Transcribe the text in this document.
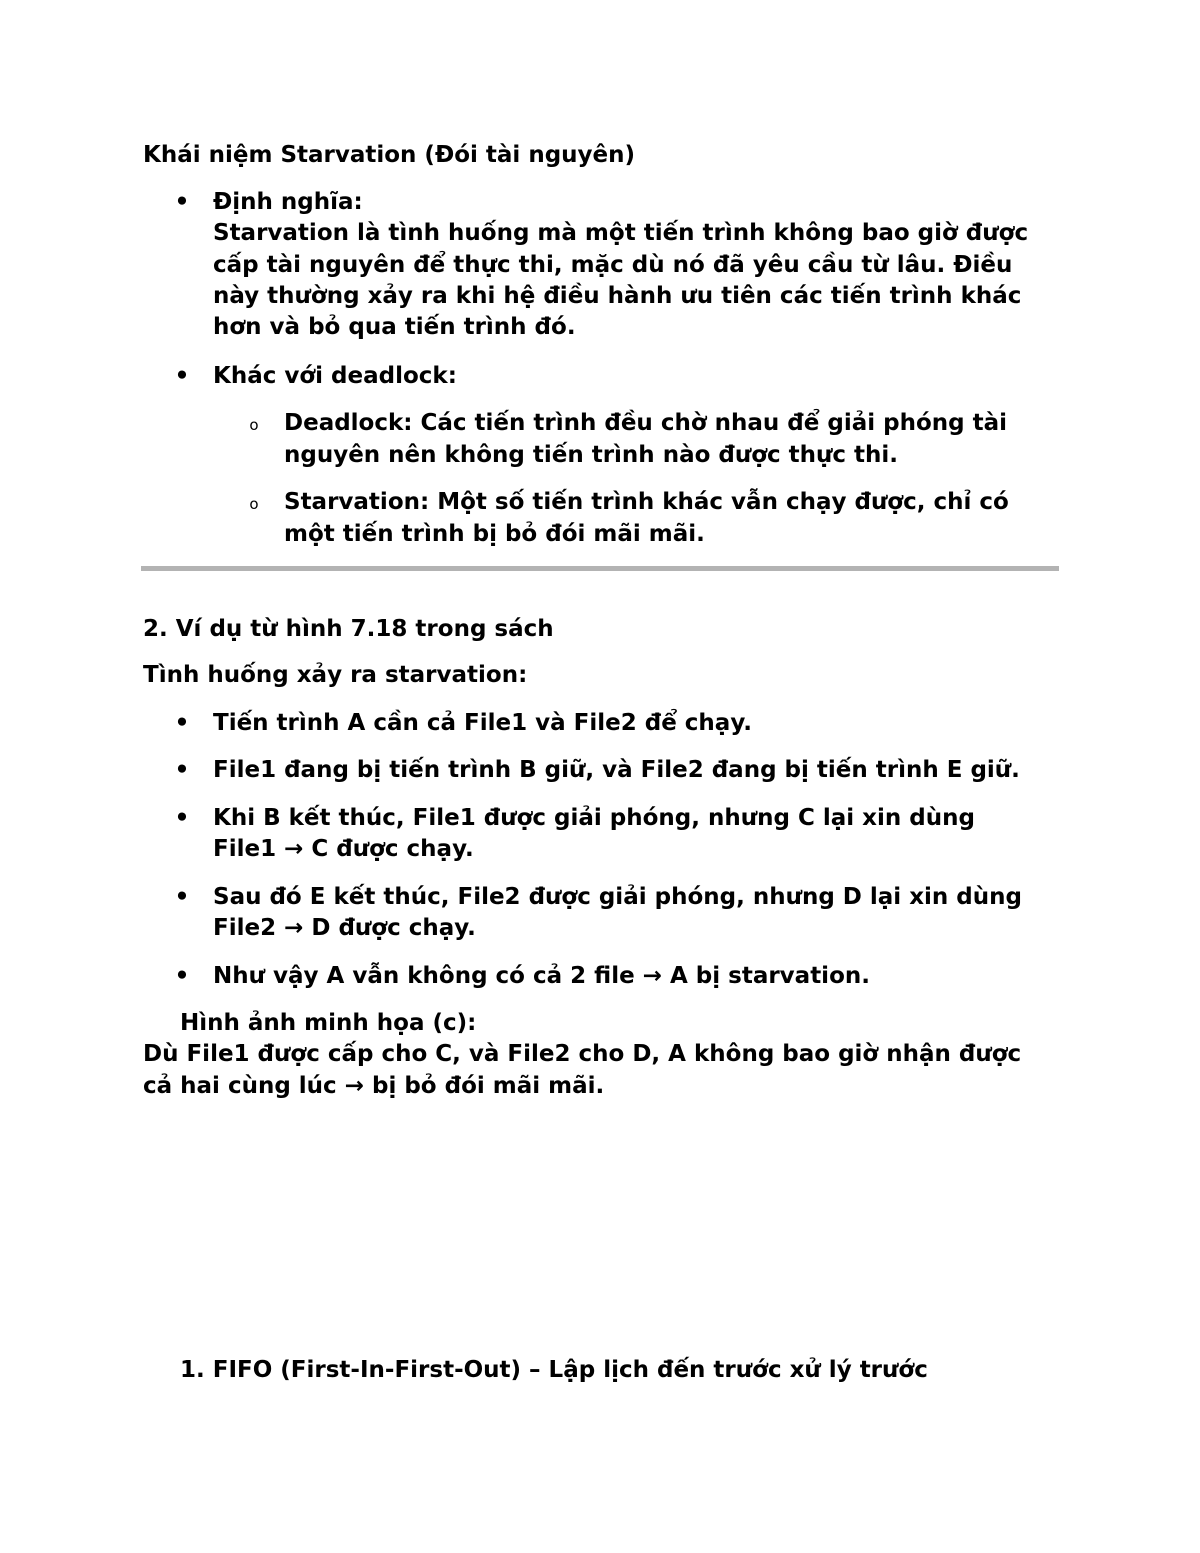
Khái niệm Starvation (Đói tài nguyên)
• Định nghĩa:
Starvation là tình huống mà một tiến trình không bao giờ được
cấp tài nguyên để thực thi, mặc dù nó đã yêu cầu từ lâu. Điều
này thường xảy ra khi hệ điều hành ưu tiên các tiến trình khác
hơn và bỏ qua tiến trình đó.
• Khác với deadlock:
o Deadlock: Các tiến trình đều chờ nhau để giải phóng tài
nguyên nên không tiến trình nào được thực thi.
o Starvation: Một số tiến trình khác vẫn chạy được, chỉ có
một tiến trình bị bỏ đói mãi mãi.
2. Ví dụ từ hình 7.18 trong sách
Tình huống xảy ra starvation:
• Tiến trình A cần cả File1 và File2 để chạy.
• File1 đang bị tiến trình B giữ, và File2 đang bị tiến trình E giữ.
• Khi B kết thúc, File1 được giải phóng, nhưng C lại xin dùng
File1 → C được chạy.
• Sau đó E kết thúc, File2 được giải phóng, nhưng D lại xin dùng
File2 → D được chạy.
• Như vậy A vẫn không có cả 2 file → A bị starvation.
Hình ảnh minh họa (c):
Dù File1 được cấp cho C, và File2 cho D, A không bao giờ nhận được
cả hai cùng lúc → bị bỏ đói mãi mãi.
1. FIFO (First-In-First-Out) – Lập lịch đến trước xử lý trước
